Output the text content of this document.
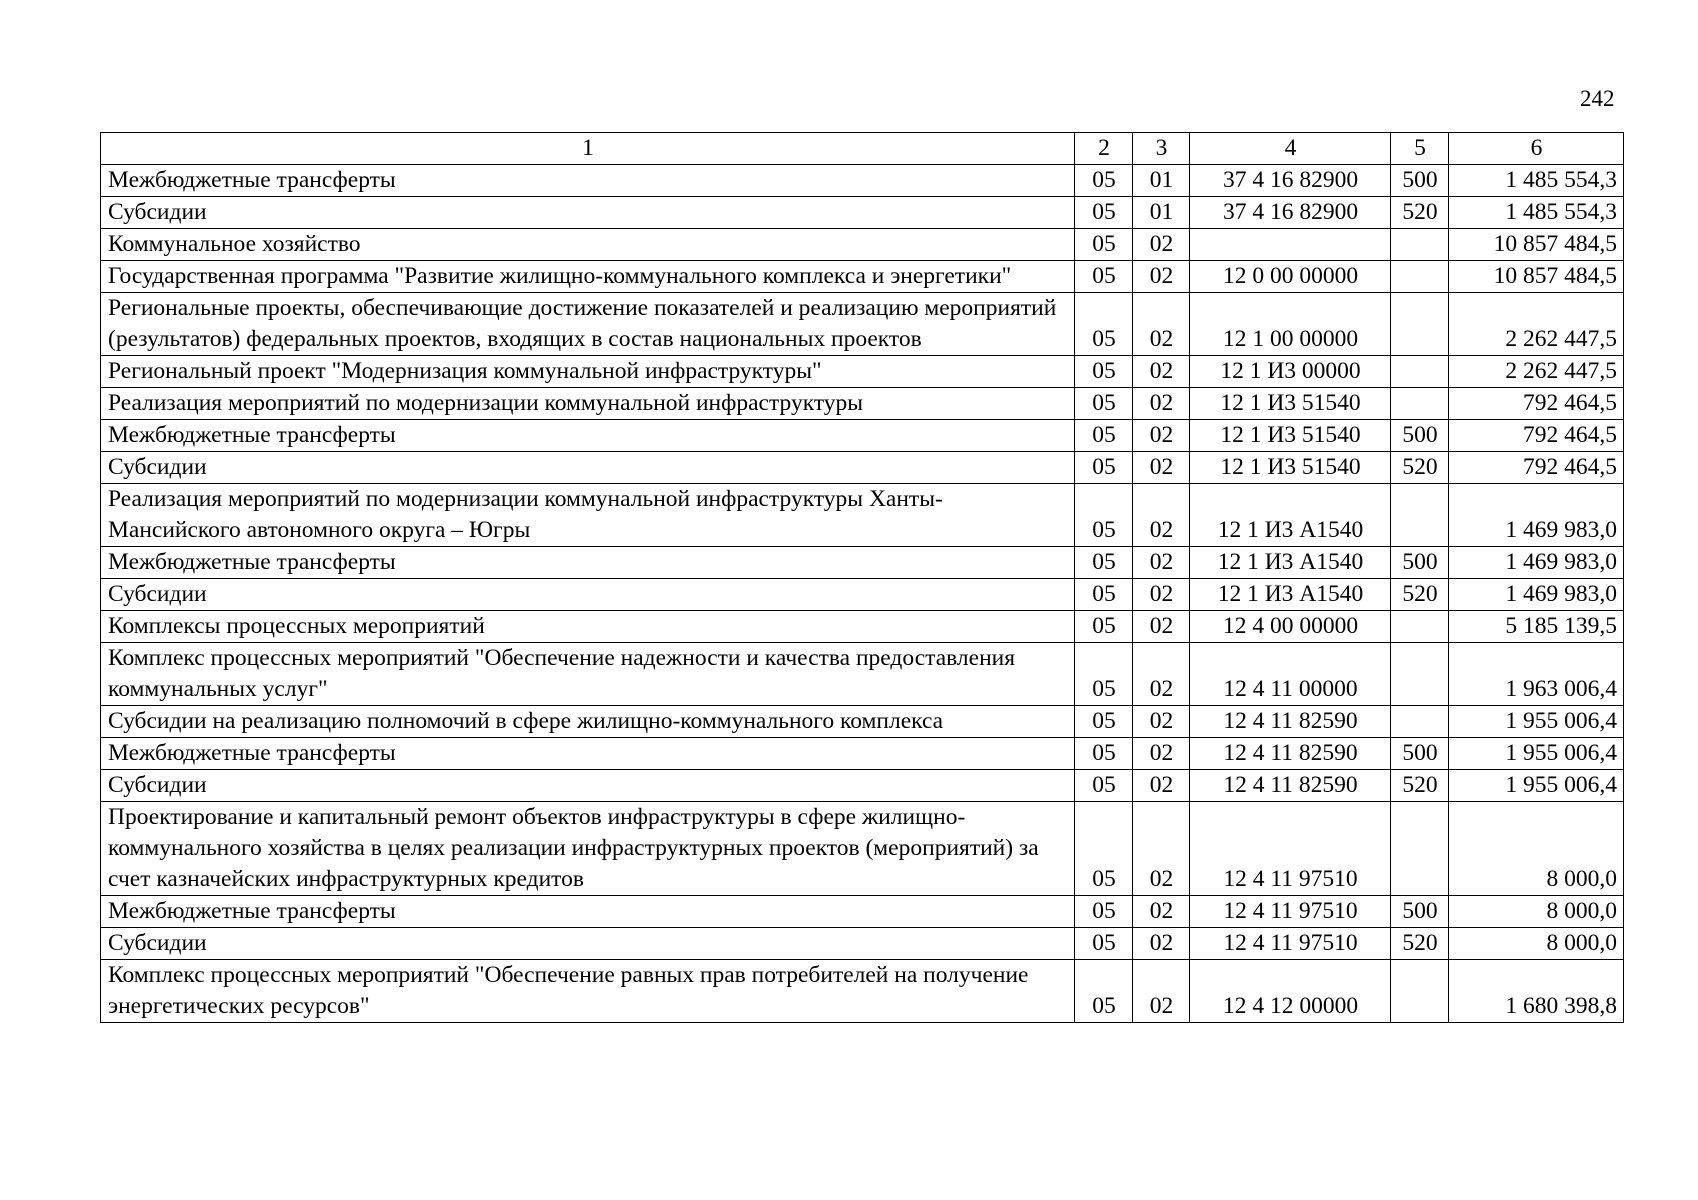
242
1	2	3	4	5	6
Межбюджетные трансферты	05	01	37 4 16 82900	500	1 485 554,3
Субсидии	05	01	37 4 16 82900	520	1 485 554,3
Коммунальное хозяйство	05	02			10 857 484,5
Государственная программа "Развитие жилищно-коммунального комплекса и энергетики"	05	02	12 0 00 00000		10 857 484,5
Региональные проекты, обеспечивающие достижение показателей и реализацию мероприятий (результатов) федеральных проектов, входящих в состав национальных проектов	05	02	12 1 00 00000		2 262 447,5
Региональный проект "Модернизация коммунальной инфраструктуры"	05	02	12 1 И3 00000		2 262 447,5
Реализация мероприятий по модернизации коммунальной инфраструктуры	05	02	12 1 И3 51540		792 464,5
Межбюджетные трансферты	05	02	12 1 И3 51540	500	792 464,5
Субсидии	05	02	12 1 И3 51540	520	792 464,5
Реализация мероприятий по модернизации коммунальной инфраструктуры Ханты-Мансийского автономного округа – Югры	05	02	12 1 И3 А1540		1 469 983,0
Межбюджетные трансферты	05	02	12 1 И3 А1540	500	1 469 983,0
Субсидии	05	02	12 1 И3 А1540	520	1 469 983,0
Комплексы процессных мероприятий	05	02	12 4 00 00000		5 185 139,5
Комплекс процессных мероприятий "Обеспечение надежности и качества предоставления коммунальных услуг"	05	02	12 4 11 00000		1 963 006,4
Субсидии на реализацию полномочий в сфере жилищно-коммунального комплекса	05	02	12 4 11 82590		1 955 006,4
Межбюджетные трансферты	05	02	12 4 11 82590	500	1 955 006,4
Субсидии	05	02	12 4 11 82590	520	1 955 006,4
Проектирование и капитальный ремонт объектов инфраструктуры в сфере жилищно-коммунального хозяйства в целях реализации инфраструктурных проектов (мероприятий) за счет казначейских инфраструктурных кредитов	05	02	12 4 11 97510		8 000,0
Межбюджетные трансферты	05	02	12 4 11 97510	500	8 000,0
Субсидии	05	02	12 4 11 97510	520	8 000,0
Комплекс процессных мероприятий "Обеспечение равных прав потребителей на получение энергетических ресурсов"	05	02	12 4 12 00000		1 680 398,8
